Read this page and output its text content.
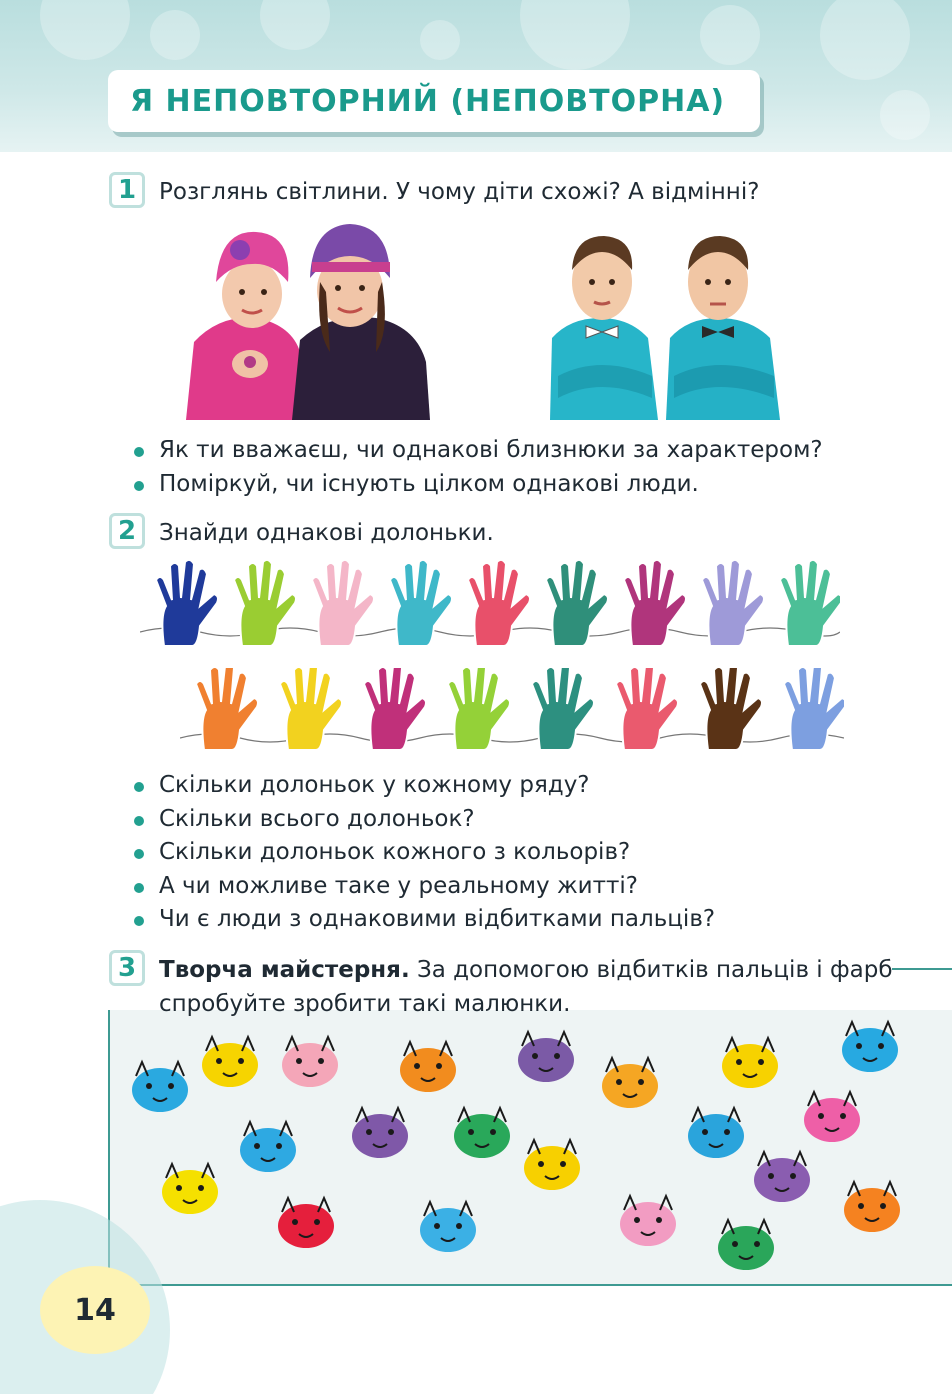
Я НЕПОВТОРНИЙ (НЕПОВТОРНА)
1 Розглянь світлини. У чому діти схожі? А відмінні?
Як ти вважаєш, чи однакові близнюки за характером?
Поміркуй, чи існують цілком однакові люди.
2 Знайди однакові долоньки.
Скільки долоньок у кожному ряду?
Скільки всього долоньок?
Скільки долоньок кожного з кольорів?
А чи можливе таке у реальному житті?
Чи є люди з однаковими відбитками пальців?
3 Творча майстерня. За допомогою відбитків пальців і фарб
спробуйте зробити такі малюнки.
14
